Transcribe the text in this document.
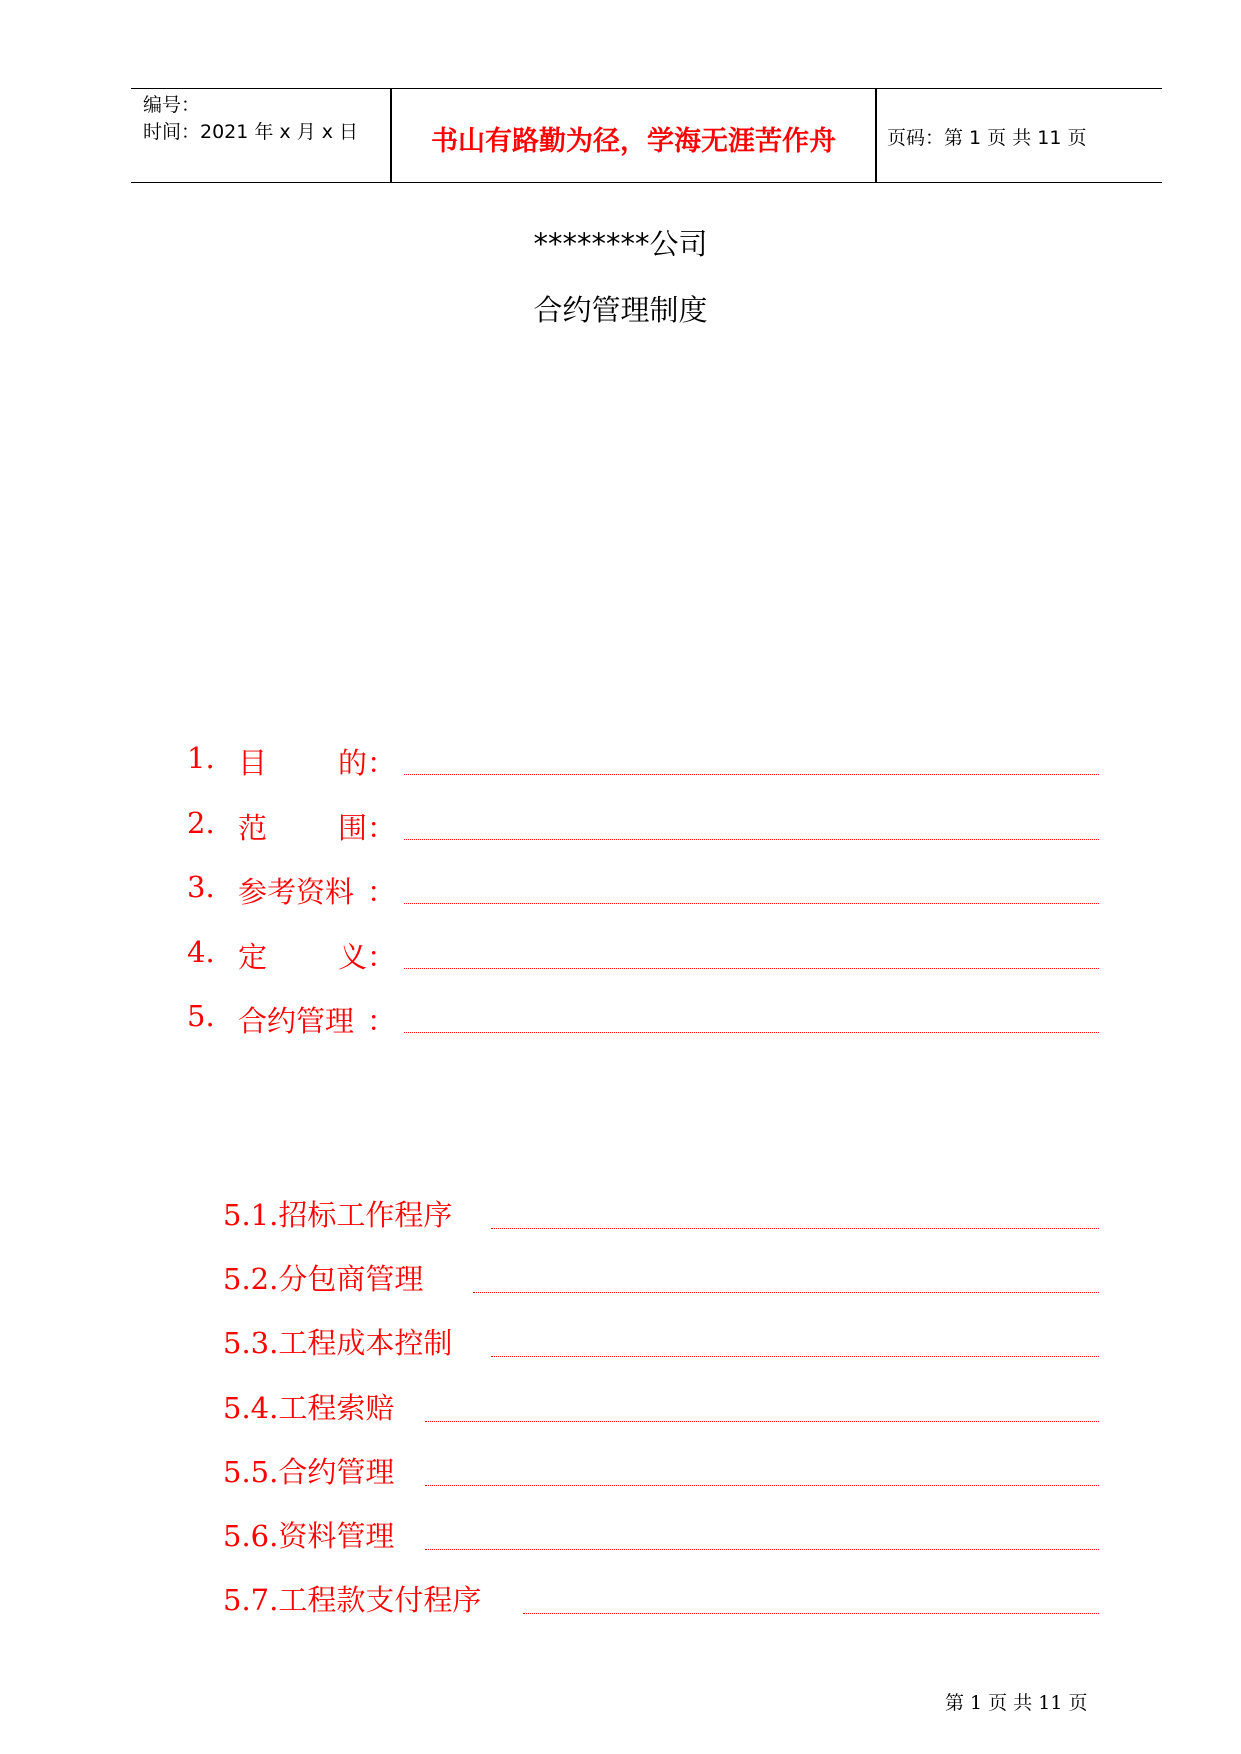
编号：
时间：2021 年 x 月 x 日	书山有路勤为径，学海无涯苦作舟	页码：第 1 页 共 11 页
********公司
合约管理制度
1. 目 的 ：
2. 范 围 ：
3. 参考资料 ：
4. 定 义 ：
5. 合约管理 ：
5.1.招标工作程序
5.2.分包商管理
5.3.工程成本控制
5.4.工程索赔
5.5.合约管理
5.6.资料管理
5.7.工程款支付程序
第 1 页 共 11 页
